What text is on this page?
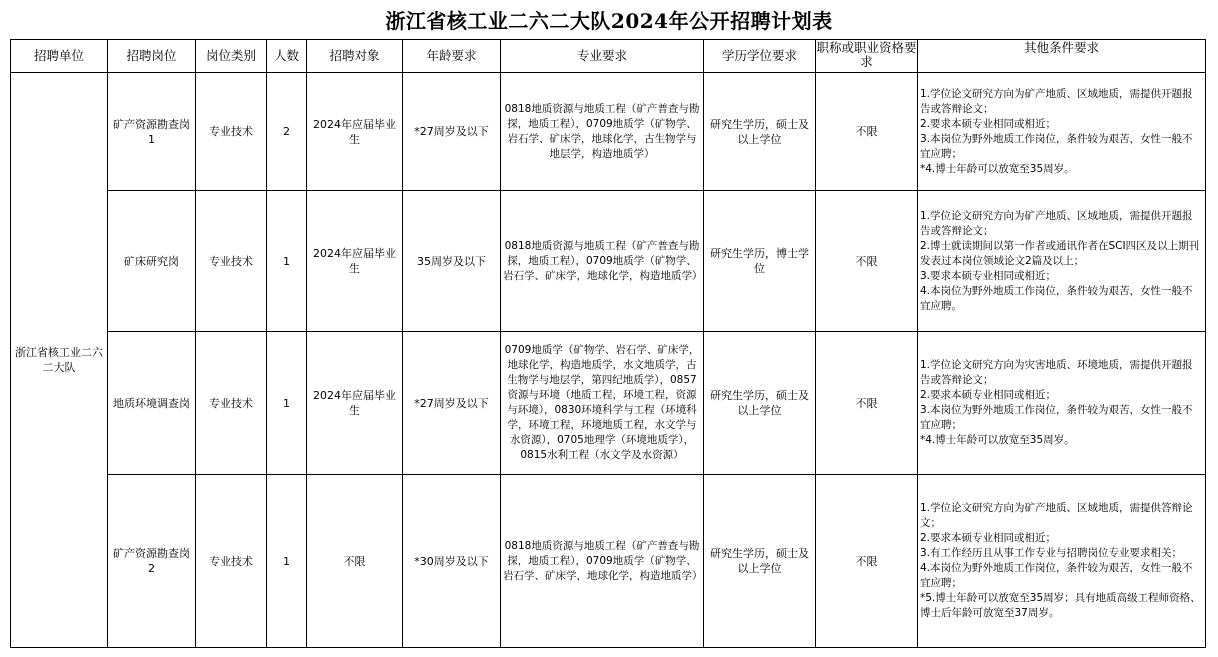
浙江省核工业二六二大队2024年公开招聘计划表
招聘单位	招聘岗位	岗位类别	人数	招聘对象	年龄要求	专业要求	学历学位要求	职称或职业资格要求	其他条件要求
浙江省核工业二六二大队	矿产资源勘查岗1	专业技术	2	2024年应届毕业生	*27周岁及以下	0818地质资源与地质工程（矿产普查与勘探，地质工程），0709地质学（矿物学、岩石学、矿床学，地球化学，古生物学与地层学，构造地质学）	研究生学历，硕士及以上学位	不限	1.学位论文研究方向为矿产地质、区域地质，需提供开题报告或答辩论文；
2.要求本硕专业相同或相近；
3.本岗位为野外地质工作岗位，条件较为艰苦，女性一般不宜应聘；
*4.博士年龄可以放宽至35周岁。

	矿床研究岗	专业技术	1	2024年应届毕业生	35周岁及以下	0818地质资源与地质工程（矿产普查与勘探，地质工程），0709地质学（矿物学、岩石学、矿床学，地球化学，构造地质学）	研究生学历，博士学位	不限	1.学位论文研究方向为矿产地质、区域地质，需提供开题报告或答辩论文；
2.博士就读期间以第一作者或通讯作者在SCI四区及以上期刊发表过本岗位领域论文2篇及以上；
3.要求本硕专业相同或相近；
4.本岗位为野外地质工作岗位，条件较为艰苦，女性一般不宜应聘。

	地质环境调查岗	专业技术	1	2024年应届毕业生	*27周岁及以下	0709地质学（矿物学、岩石学、矿床学，地球化学，构造地质学，水文地质学，古生物学与地层学，第四纪地质学），0857资源与环境（地质工程，环境工程，资源与环境），0830环境科学与工程（环境科学，环境工程，环境地质工程，水文学与水资源），0705地理学（环境地质学），0815水利工程（水文学及水资源）	研究生学历，硕士及以上学位	不限	1.学位论文研究方向为灾害地质、环境地质，需提供开题报告或答辩论文；
2.要求本硕专业相同或相近；
3.本岗位为野外地质工作岗位，条件较为艰苦，女性一般不宜应聘；
*4.博士年龄可以放宽至35周岁。

	矿产资源勘查岗2	专业技术	1	不限	*30周岁及以下	0818地质资源与地质工程（矿产普查与勘探，地质工程），0709地质学（矿物学、岩石学、矿床学，地球化学，构造地质学）	研究生学历，硕士及以上学位	不限	1.学位论文研究方向为矿产地质、区域地质，需提供答辩论文；
2.要求本硕专业相同或相近；
3.有工作经历且从事工作专业与招聘岗位专业要求相关；
4.本岗位为野外地质工作岗位，条件较为艰苦，女性一般不宜应聘；
*5.博士年龄可以放宽至35周岁；具有地质高级工程师资格、博士后年龄可放宽至37周岁。
